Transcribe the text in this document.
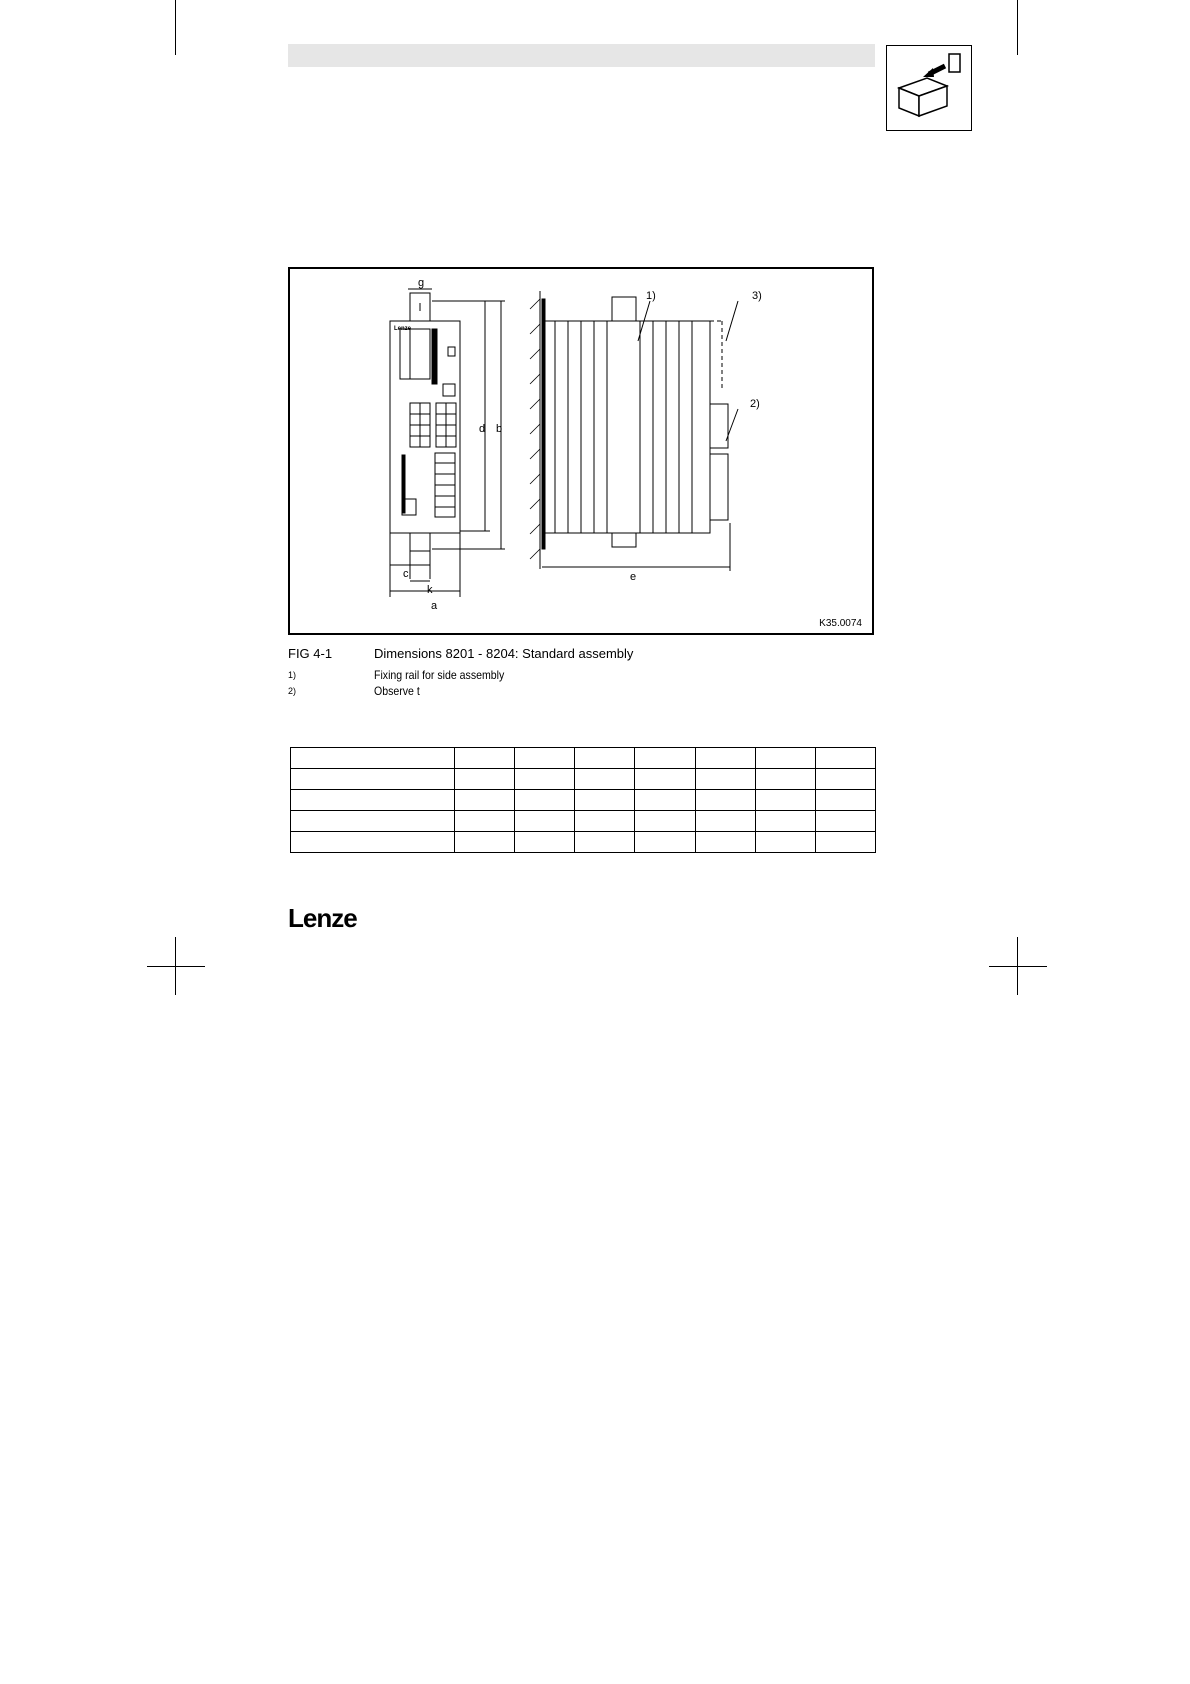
g
d b
c
k
a
e
1)	3)
2)
Lenze
K35.0074
FIG 4-1	Dimensions 8201 - 8204: Standard assembly
1)	Fixing rail for side assembly
2)	Observe t

Lenze
